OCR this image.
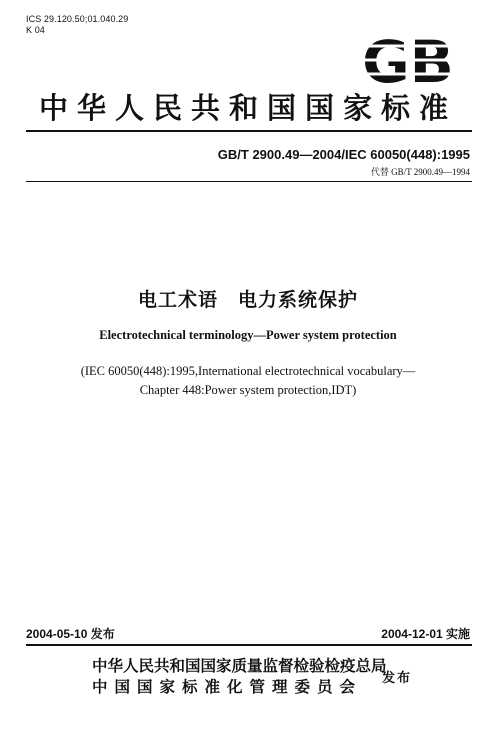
ICS 29.120.50;01.040.29
K 04	GB
中华人民共和国国家标准
GB/T 2900.49—2004/IEC 60050(448):1995
代替 GB/T 2900.49—1994
电工术语　电力系统保护
Electrotechnical terminology—Power system protection
(IEC 60050(448):1995,International electrotechnical vocabulary—
Chapter 448:Power system protection,IDT)
2004-05-10 发布	2004-12-01 实施
中华人民共和国国家质量监督检验检疫总局
中国国家标准化管理委员会	发布
